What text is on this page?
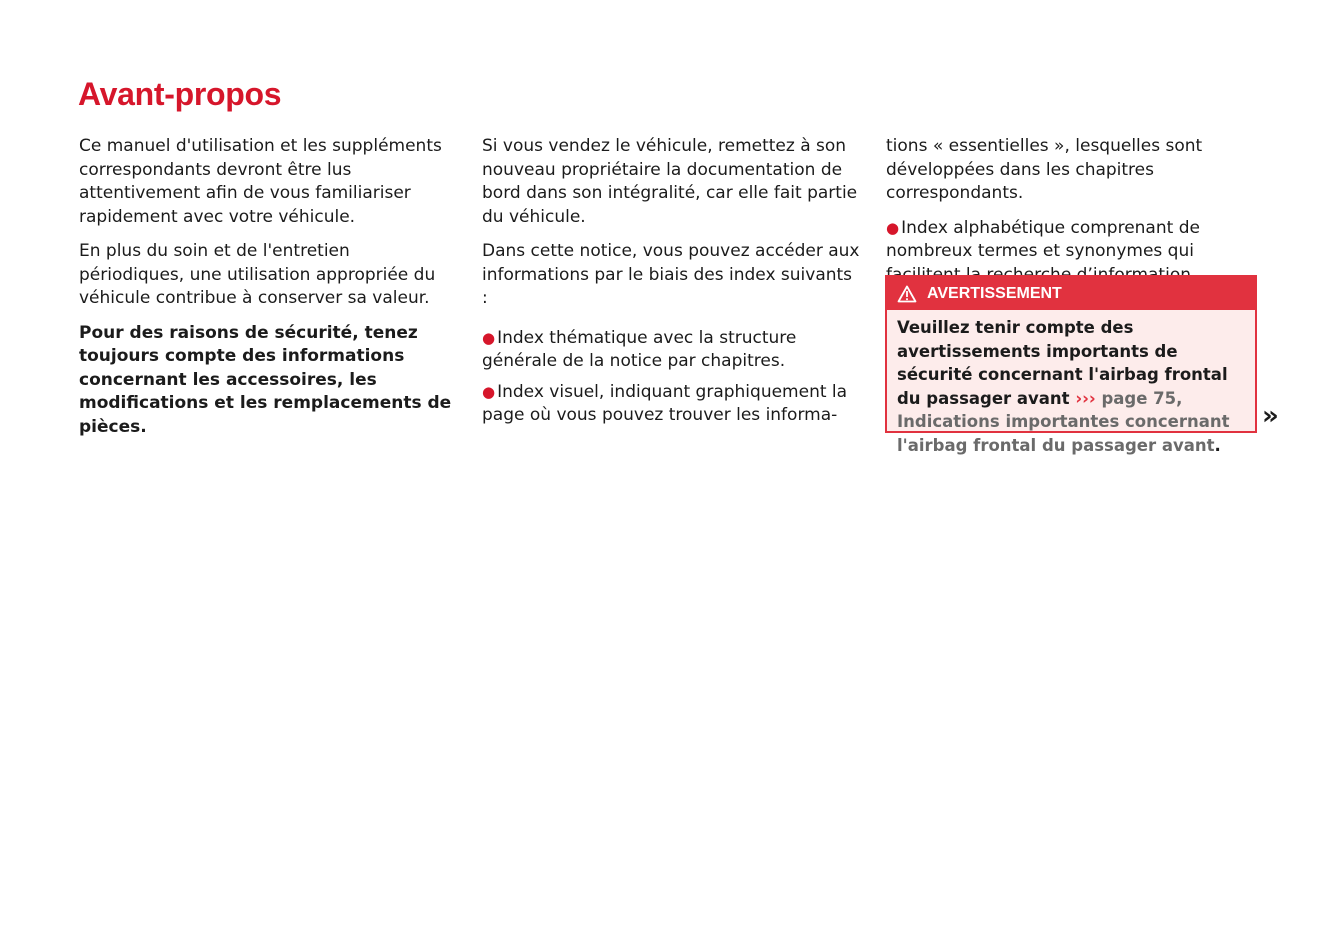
Avant-propos

Ce manuel d'utilisation et les suppléments correspondants devront être lus attentivement afin de vous familiariser rapidement avec votre véhicule.

En plus du soin et de l'entretien périodiques, une utilisation appropriée du véhicule contribue à conserver sa valeur.

Pour des raisons de sécurité, tenez toujours compte des informations concernant les accessoires, les modifications et les remplacements de pièces.

Si vous vendez le véhicule, remettez à son nouveau propriétaire la documentation de bord dans son intégralité, car elle fait partie du véhicule.

Dans cette notice, vous pouvez accéder aux informations par le biais des index suivants :

● Index thématique avec la structure générale de la notice par chapitres.

● Index visuel, indiquant graphiquement la page où vous pouvez trouver les informa-

tions « essentielles », lesquelles sont développées dans les chapitres correspondants.

● Index alphabétique comprenant de nombreux termes et synonymes qui

AVERTISSEMENT
Veuillez tenir compte des avertissements importants de sécurité concernant l'airbag frontal du passager avant ››› page 75, Indications importantes concernant l'airbag frontal du passager avant.
»
